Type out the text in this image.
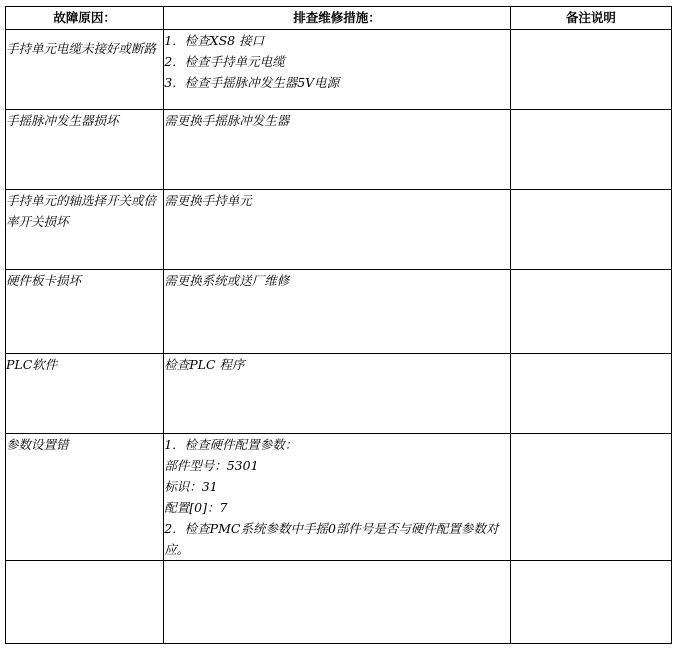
故障原因：	排查维修措施：	备注说明

手持单元电缆未接好或断路	1．检查XS8 接口
2．检查手持单元电缆
3．检查手摇脉冲发生器5V电源	

手摇脉冲发生器损坏	需更换手摇脉冲发生器	

手持单元的轴选择开关或倍率开关损坏	需更换手持单元	

硬件板卡损坏	需更换系统或送厂维修	

PLC软件	检查PLC 程序	

参数设置错	1．检查硬件配置参数：
部件型号：5301
标识：31
配置[0]：7
2．检查PMC系统参数中手摇0部件号是否与硬件配置参数对应。	
